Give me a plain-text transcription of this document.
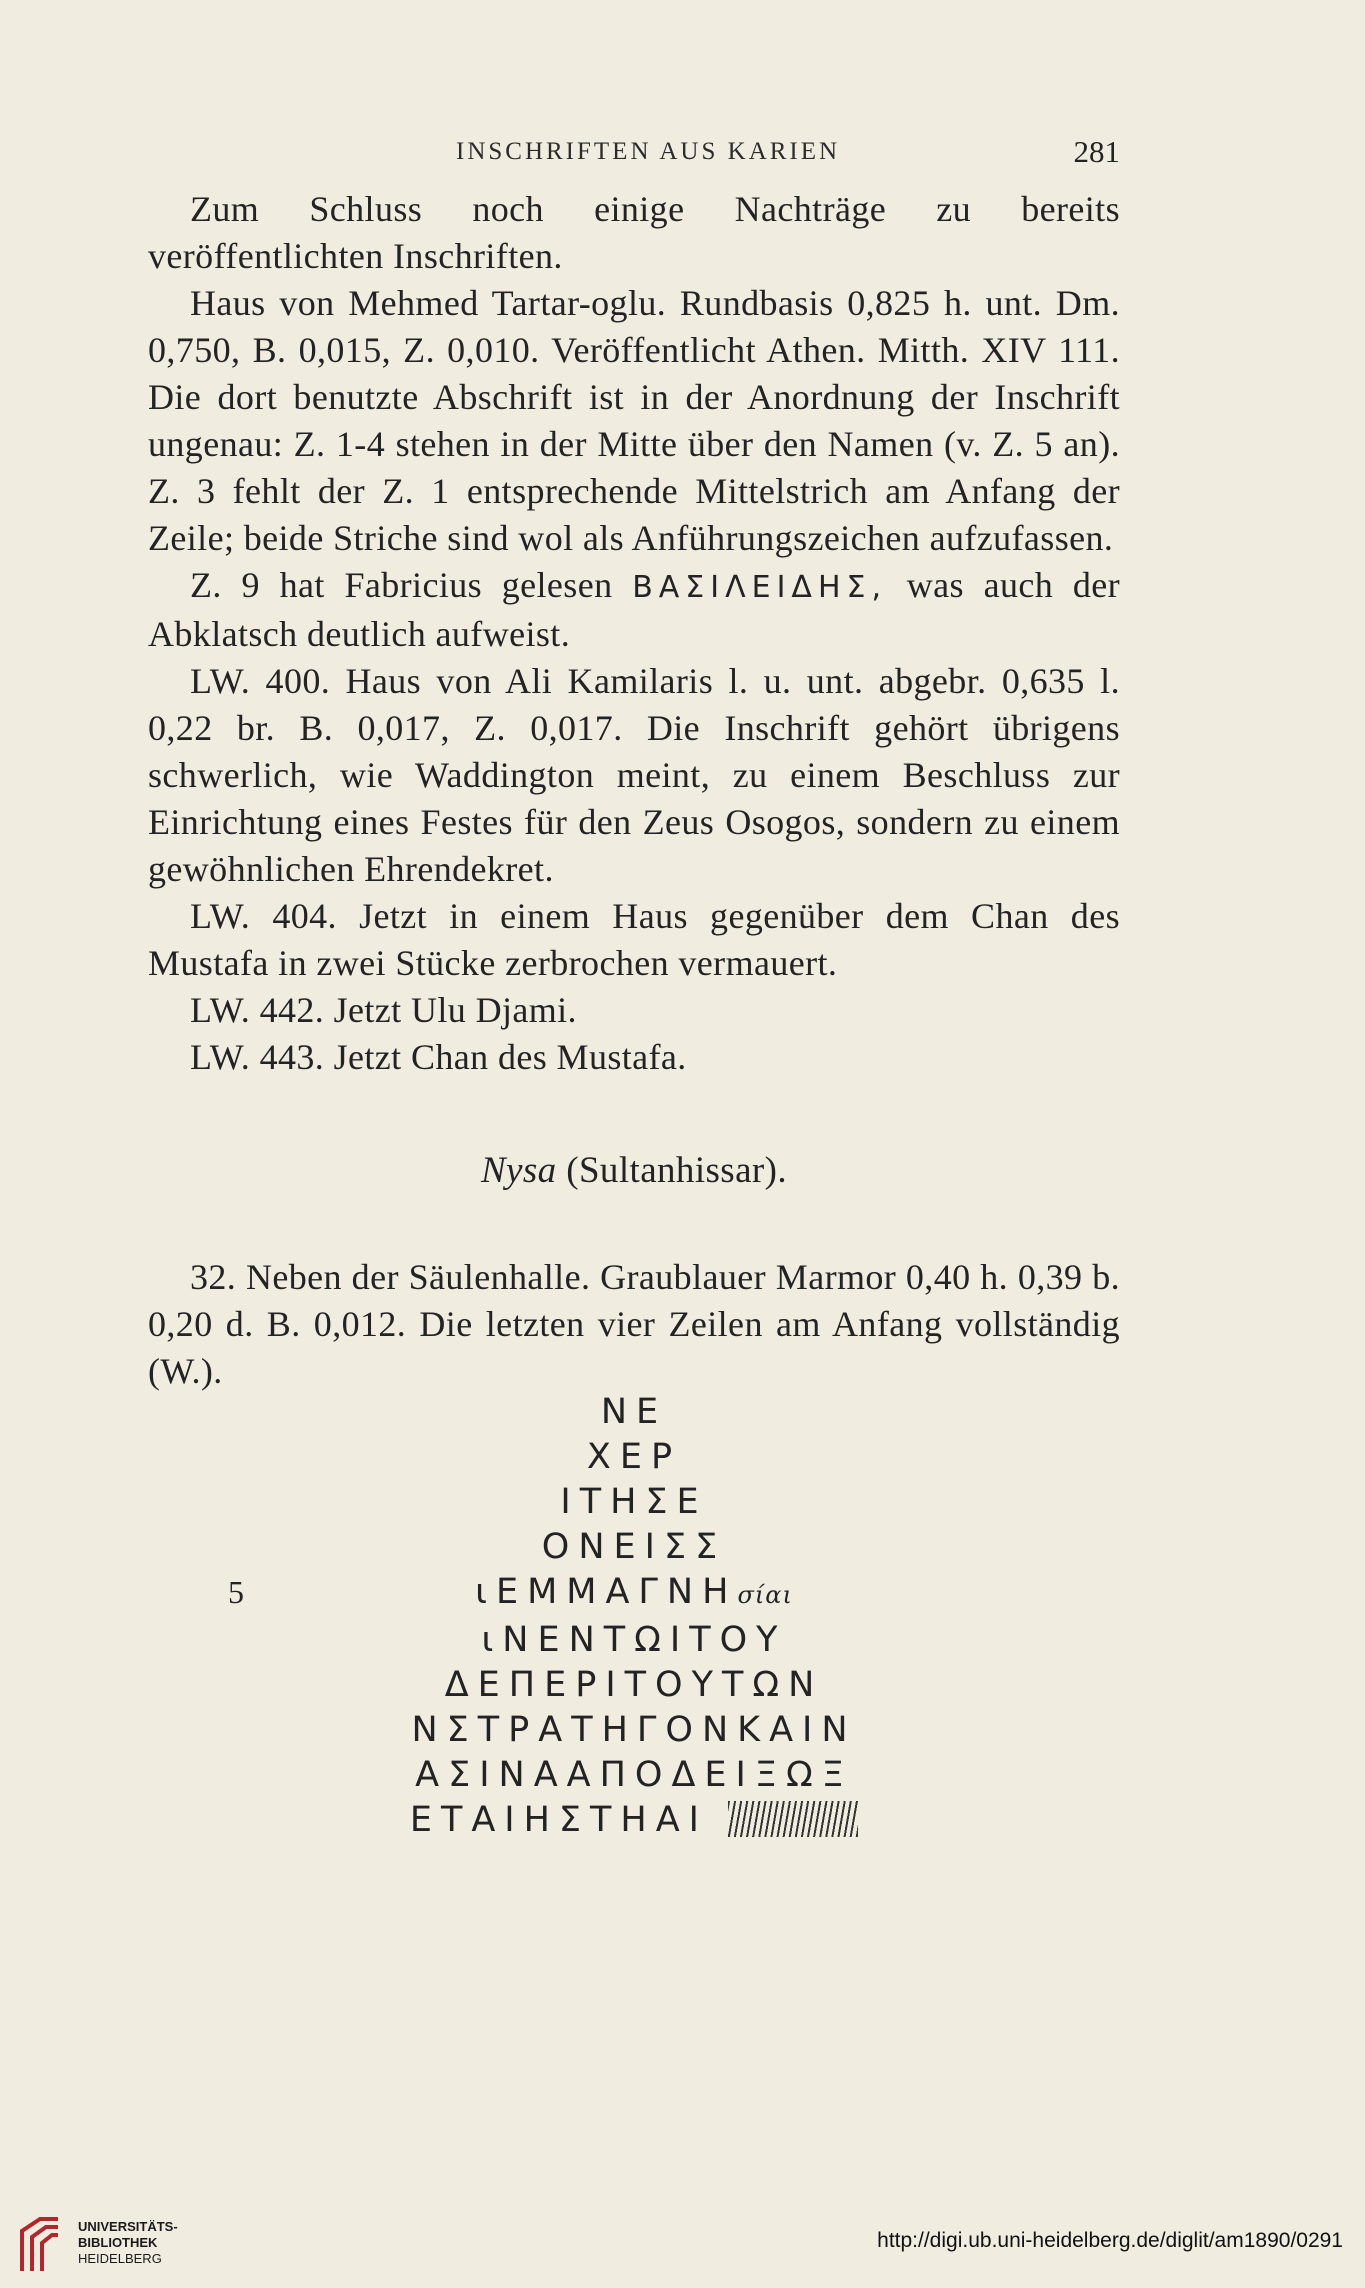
INSCHRIFTEN AUS KARIEN	281

Zum Schluss noch einige Nachträge zu bereits veröffentlichten Inschriften.

Haus von Mehmed Tartar-oglu. Rundbasis 0,825 h. unt. Dm. 0,750, B. 0,015, Z. 0,010. Veröffentlicht Athen. Mitth. XIV 111. Die dort benutzte Abschrift ist in der Anordnung der Inschrift ungenau: Z. 1-4 stehen in der Mitte über den Namen (v. Z. 5 an). Z. 3 fehlt der Z. 1 entsprechende Mittelstrich am Anfang der Zeile; beide Striche sind wol als Anführungszeichen aufzufassen.

Z. 9 hat Fabricius gelesen ΒΑΣΙΛΕΙΔΗΣ, was auch der Abklatsch deutlich aufweist.

LW. 400. Haus von Ali Kamilaris l. u. unt. abgebr. 0,635 l. 0,22 br. B. 0,017, Z. 0,017. Die Inschrift gehört übrigens schwerlich, wie Waddington meint, zu einem Beschluss zur Einrichtung eines Festes für den Zeus Osogos, sondern zu einem gewöhnlichen Ehrendekret.

LW. 404. Jetzt in einem Haus gegenüber dem Chan des Mustafa in zwei Stücke zerbrochen vermauert.

LW. 442. Jetzt Ulu Djami.

LW. 443. Jetzt Chan des Mustafa.

Nysa (Sultanhissar).

32. Neben der Säulenhalle. Graublauer Marmor 0,40 h. 0,39 b. 0,20 d. B. 0,012. Die letzten vier Zeilen am Anfang vollständig (W.).

ΝΕ
ΧΕΡ
ΙΤΗΣΕ
ΟΝΕΙΣΣ
5	ιΕΜΜΑΓΝΗσίαι
ιΝΕΝΤΩΙΤΟΥ
ΔΕΠΕΡΙΤΟΥΤΩΝ
ΝΣΤΡΑΤΗΓΟΝΚΑΙΝ
ΑΣΙΝΑΑΠΟΔΕΙΞΩΞ
ΕΤΑΙΗΣΤΗΑΙ
UNIVERSITÄTS-
BIBLIOTHEK
HEIDELBERG
http://digi.ub.uni-heidelberg.de/diglit/am1890/0291
